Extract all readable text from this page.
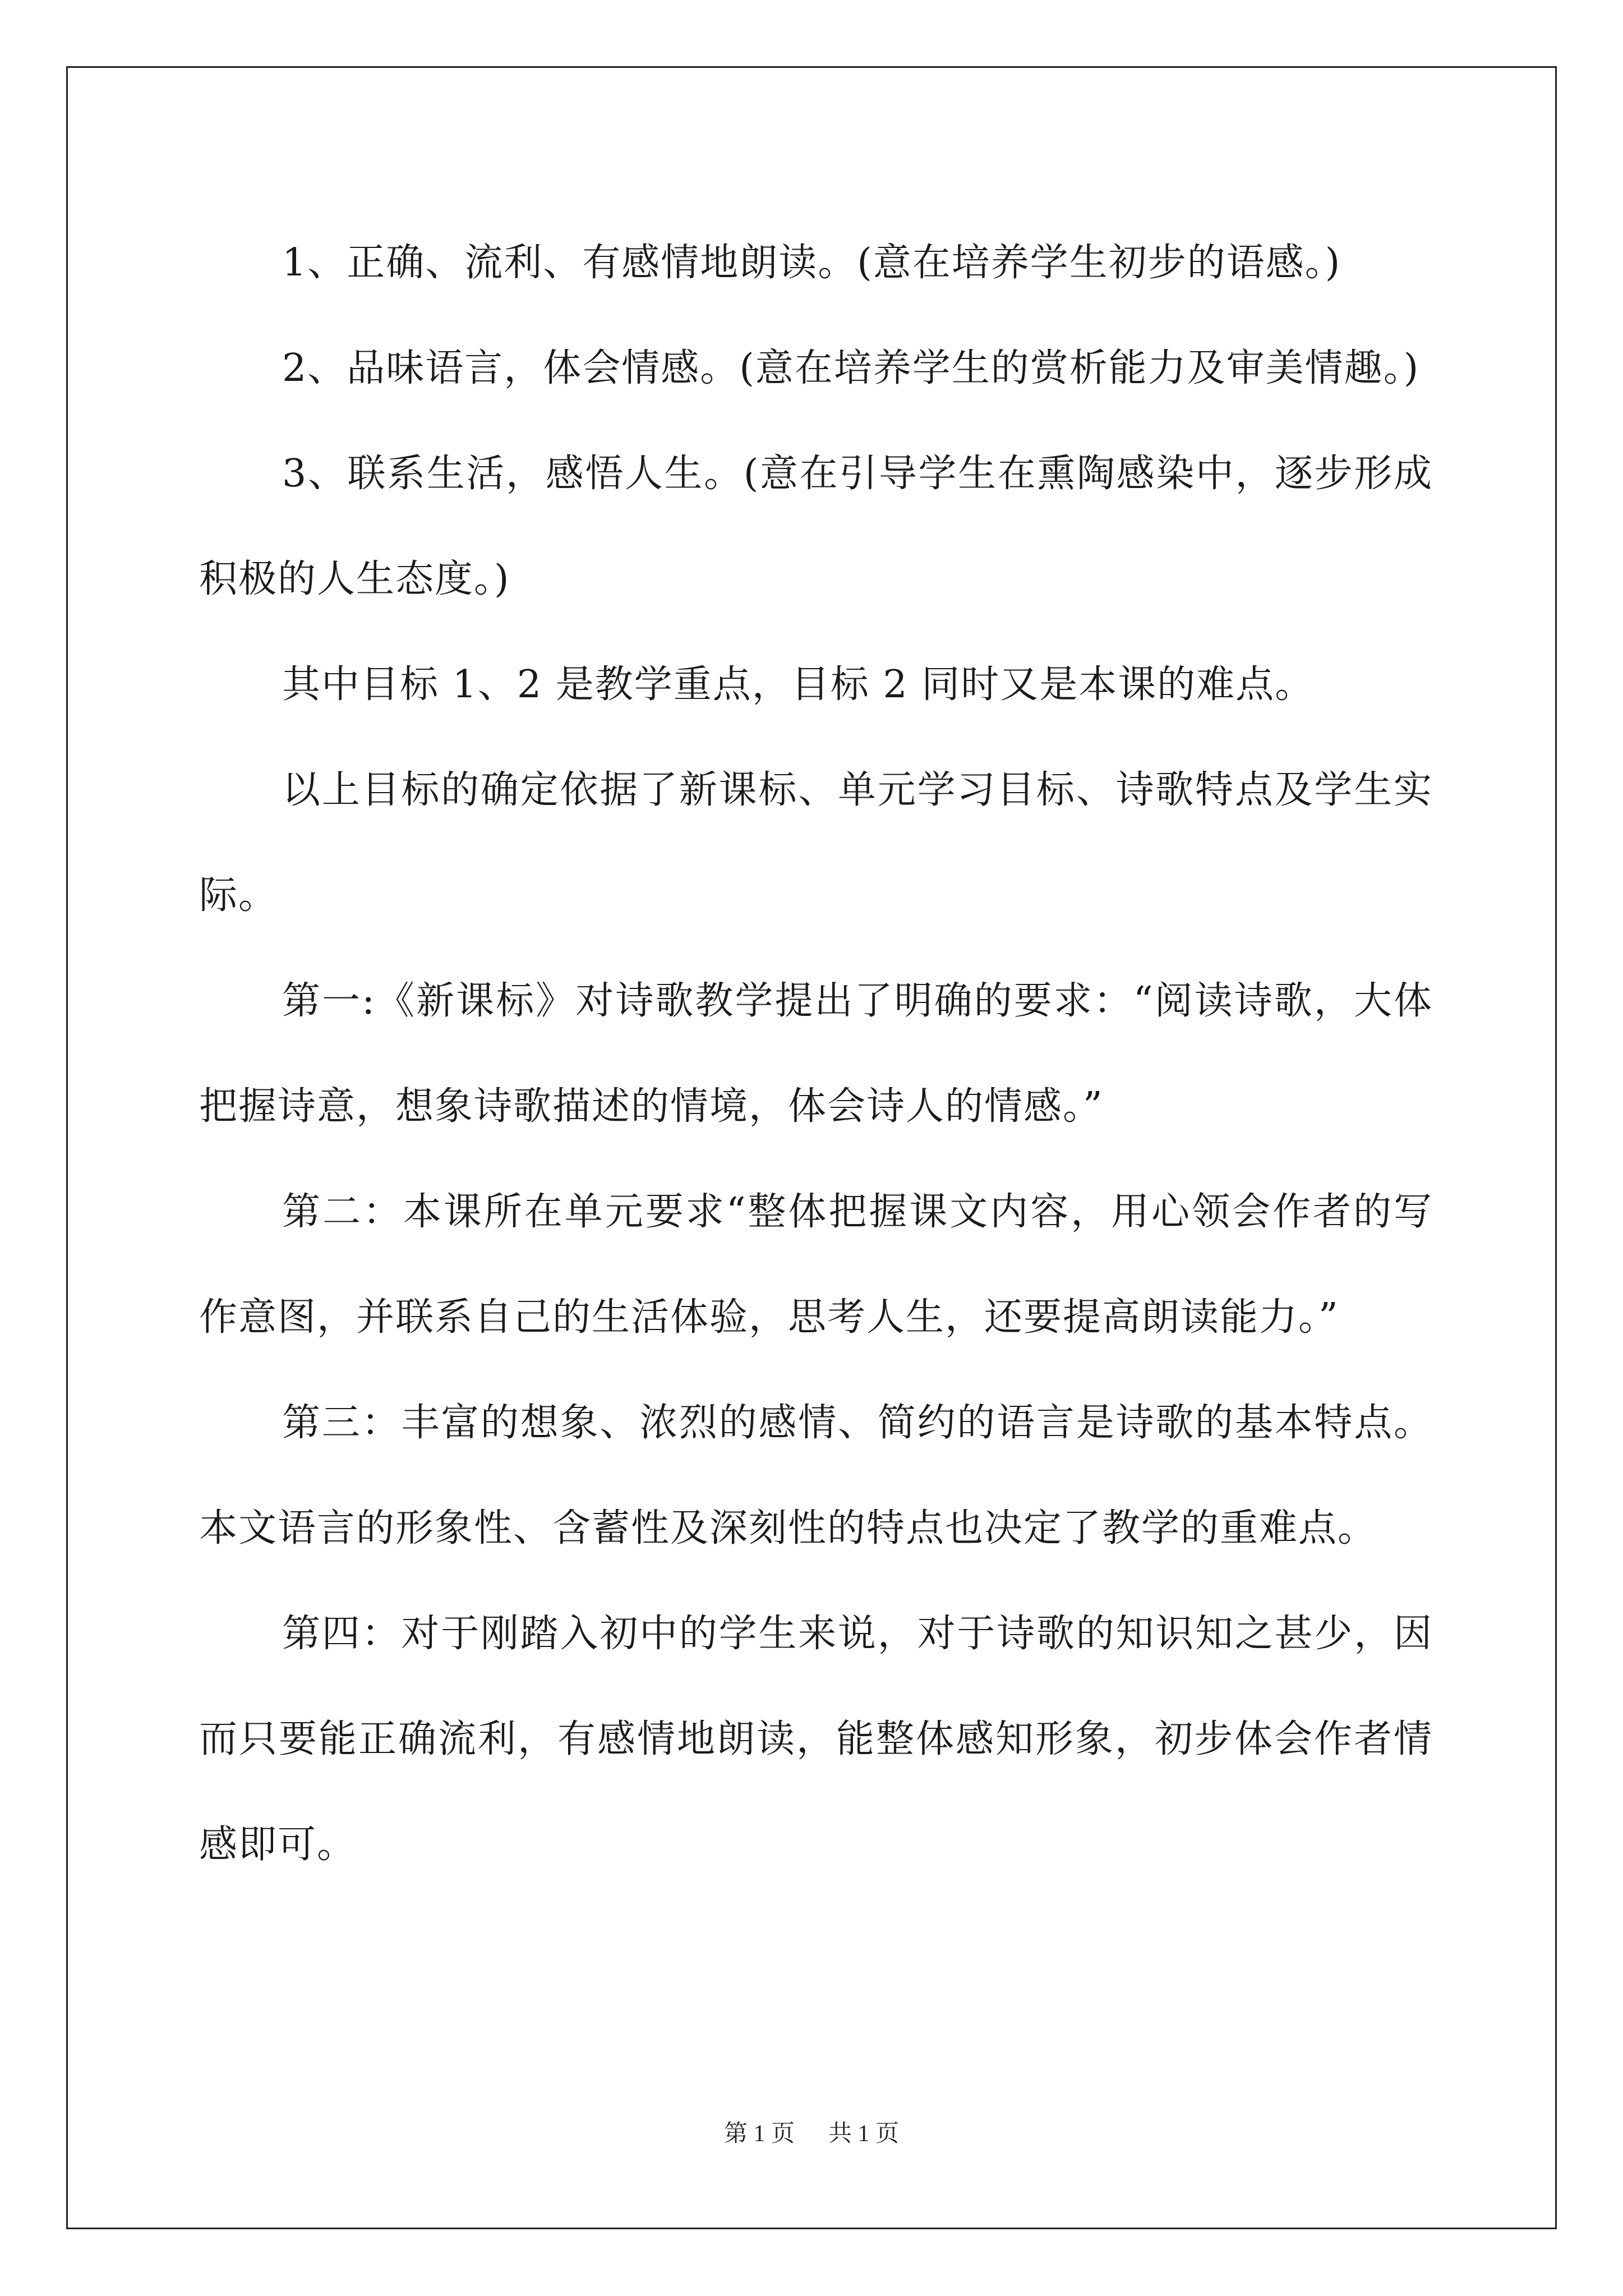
1、正确、流利、有感情地朗读。(意在培养学生初步的语感。)

2、品味语言，体会情感。(意在培养学生的赏析能力及审美情趣。)

3、联系生活，感悟人生。(意在引导学生在熏陶感染中，逐步形成积极的人生态度。)

其中目标 1、2 是教学重点，目标 2 同时又是本课的难点。

以上目标的确定依据了新课标、单元学习目标、诗歌特点及学生实际。

第一:《新课标》对诗歌教学提出了明确的要求：“阅读诗歌，大体把握诗意，想象诗歌描述的情境，体会诗人的情感。”

第二：本课所在单元要求“整体把握课文内容，用心领会作者的写作意图，并联系自己的生活体验，思考人生，还要提高朗读能力。”

第三：丰富的想象、浓烈的感情、简约的语言是诗歌的基本特点。本文语言的形象性、含蓄性及深刻性的特点也决定了教学的重难点。

第四：对于刚踏入初中的学生来说，对于诗歌的知识知之甚少，因而只要能正确流利，有感情地朗读，能整体感知形象，初步体会作者情感即可。

第 1 页 共 1 页
